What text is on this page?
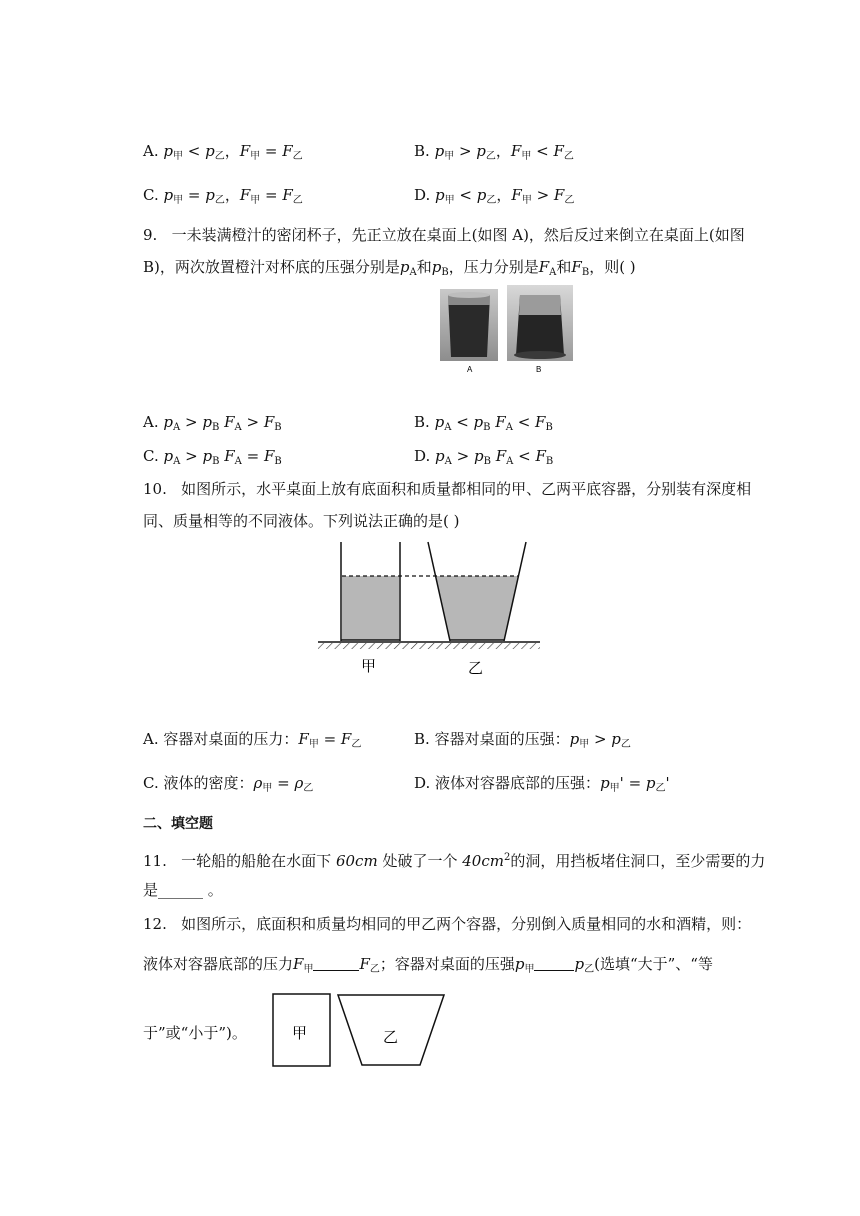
A. $p_甲 < p_乙$，$F_甲 = F_乙$	B. $p_甲 > p_乙$，$F_甲 < F_乙$
C. $p_甲 = p_乙$，$F_甲 = F_乙$	D. $p_甲 < p_乙$，$F_甲 > F_乙$
9. 一未装满橙汁的密闭杯子，先正立放在桌面上(如图 A)，然后反过来倒立在桌面上(如图
B)，两次放置橙汁对杯底的压强分别是$p_A$和$p_B$，压力分别是$F_A$和$F_B$，则( )
A	B
A. $p_A > p_B$ $F_A > F_B$	B. $p_A < p_B$ $F_A < F_B$
C. $p_A > p_B$ $F_A = F_B$	D. $p_A > p_B$ $F_A < F_B$
10. 如图所示，水平桌面上放有底面积和质量都相同的甲、乙两平底容器，分别装有深度相
同、质量相等的不同液体。下列说法正确的是( )
甲	乙
A. 容器对桌面的压力：$F_甲 = F_乙$	B. 容器对桌面的压强：$p_甲 > p_乙$
C. 液体的密度：$\rho_甲 = \rho_乙$	D. 液体对容器底部的压强：$p_甲' = p_乙'$
二、填空题
11. 一轮船的船舱在水面下 60cm 处破了一个 $40cm^2$的洞，用挡板堵住洞口，至少需要的力
是______ 。
12. 如图所示，底面积和质量均相同的甲乙两个容器，分别倒入质量相同的水和酒精，则：
液体对容器底部的压力$F_甲$	$F_乙$；容器对桌面的压强$p_甲$	$p_乙$(选填“大于”、“等
于”或“小于”)。	甲	乙
